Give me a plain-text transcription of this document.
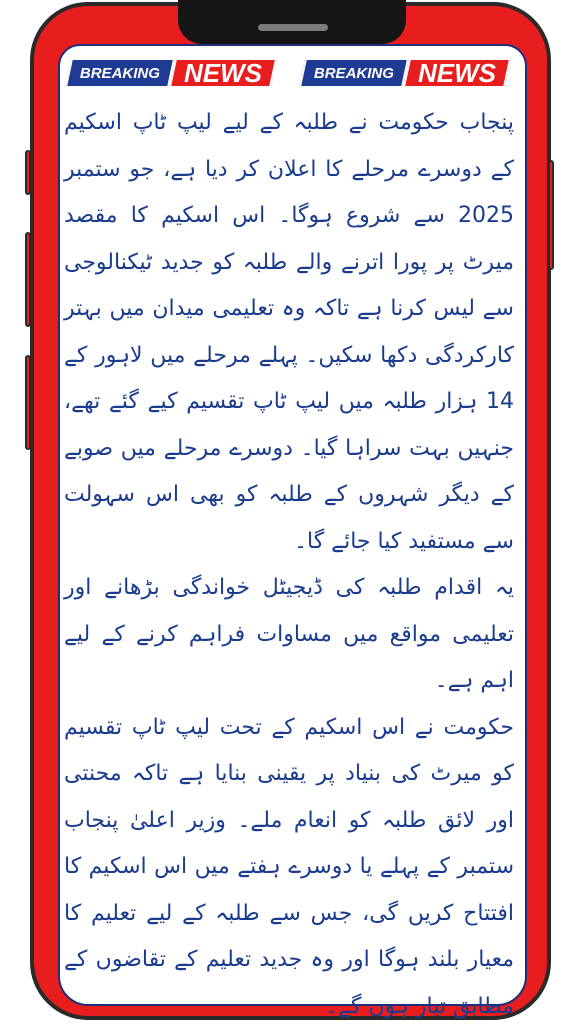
BREAKING NEWS	BREAKING NEWS

پنجاب حکومت نے طلبہ کے لیے لیپ ٹاپ اسکیم کے دوسرے مرحلے کا اعلان کر دیا ہے، جو ستمبر 2025 سے شروع ہوگا۔ اس اسکیم کا مقصد میرٹ پر پورا اترنے والے طلبہ کو جدید ٹیکنالوجی سے لیس کرنا ہے تاکہ وہ تعلیمی میدان میں بہتر کارکردگی دکھا سکیں۔ پہلے مرحلے میں لاہور کے 14 ہزار طلبہ میں لیپ ٹاپ تقسیم کیے گئے تھے، جنہیں بہت سراہا گیا۔ دوسرے مرحلے میں صوبے کے دیگر شہروں کے طلبہ کو بھی اس سہولت سے مستفید کیا جائے گا۔

یہ اقدام طلبہ کی ڈیجیٹل خواندگی بڑھانے اور تعلیمی مواقع میں مساوات فراہم کرنے کے لیے اہم ہے۔

حکومت نے اس اسکیم کے تحت لیپ ٹاپ تقسیم کو میرٹ کی بنیاد پر یقینی بنایا ہے تاکہ محنتی اور لائق طلبہ کو انعام ملے۔ وزیر اعلیٰ پنجاب ستمبر کے پہلے یا دوسرے ہفتے میں اس اسکیم کا افتتاح کریں گی، جس سے طلبہ کے لیے تعلیم کا معیار بلند ہوگا اور وہ جدید تعلیم کے تقاضوں کے مطابق تیار ہوں گے۔
